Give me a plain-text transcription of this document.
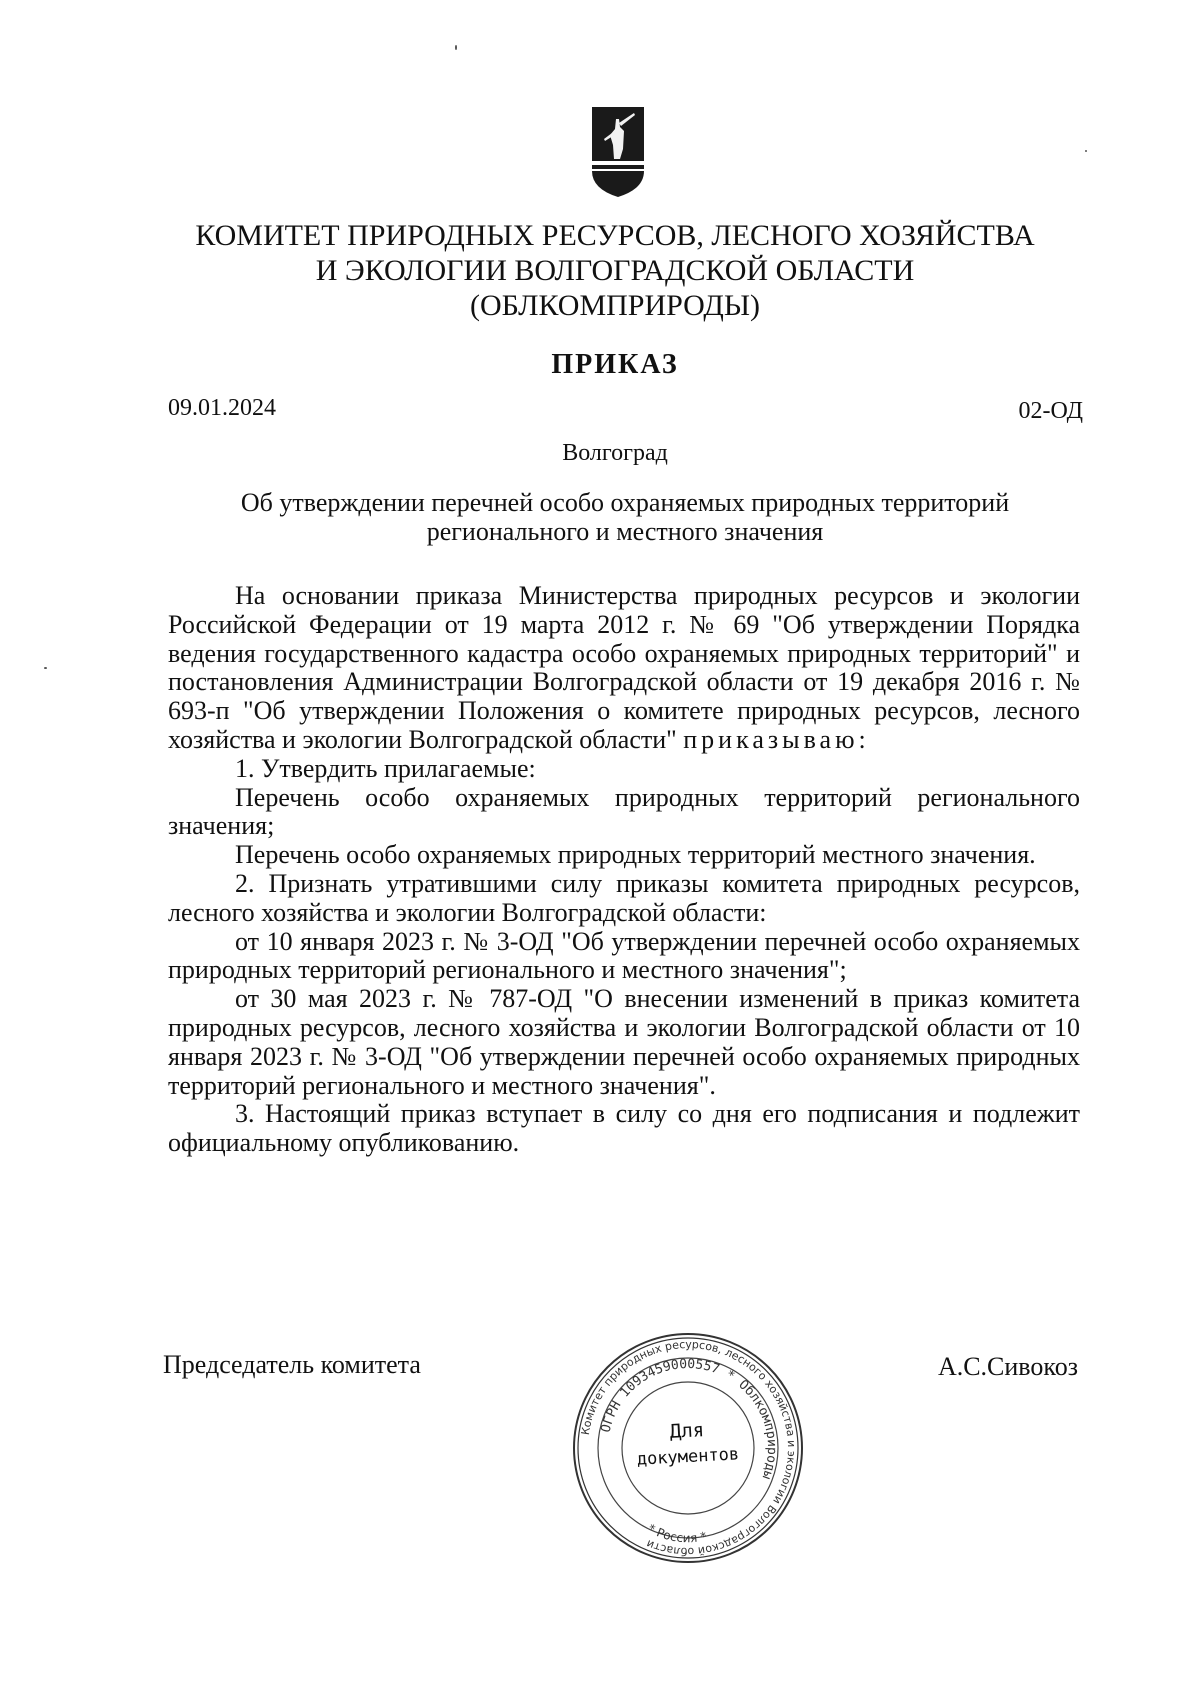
КОМИТЕТ ПРИРОДНЫХ РЕСУРСОВ, ЛЕСНОГО ХОЗЯЙСТВА
И ЭКОЛОГИИ ВОЛГОГРАДСКОЙ ОБЛАСТИ
(ОБЛКОМПРИРОДЫ)
ПРИКАЗ
09.01.2024	02-ОД
Волгоград
Об утверждении перечней особо охраняемых природных территорий
регионального и местного значения

На основании приказа Министерства природных ресурсов и экологии Российской Федерации от 19 марта 2012 г. № 69 "Об утверждении Порядка ведения государственного кадастра особо охраняемых природных территорий" и постановления Администрации Волгоградской области от 19 декабря 2016 г. № 693-п "Об утверждении Положения о комитете природных ресурсов, лесного хозяйства и экологии Волгоградской области" приказываю:

1. Утвердить прилагаемые:

Перечень особо охраняемых природных территорий регионального значения;

Перечень особо охраняемых природных территорий местного значения.

2. Признать утратившими силу приказы комитета природных ресурсов, лесного хозяйства и экологии Волгоградской области:

от 10 января 2023 г. № 3-ОД "Об утверждении перечней особо охраняемых природных территорий регионального и местного значения";

от 30 мая 2023 г. № 787-ОД "О внесении изменений в приказ комитета природных ресурсов, лесного хозяйства и экологии Волгоградской области от 10 января 2023 г. № 3-ОД "Об утверждении перечней особо охраняемых природных территорий регионального и местного значения".

3. Настоящий приказ вступает в силу со дня его подписания и подлежит официальному опубликованию.

Председатель комитета	А.С.Сивокоз
Комитет природных ресурсов, лесного хозяйства и экологии Волгоградской области
ОГРН 1093459000557 * Облкомприроды
* Россия *
Для
документов
